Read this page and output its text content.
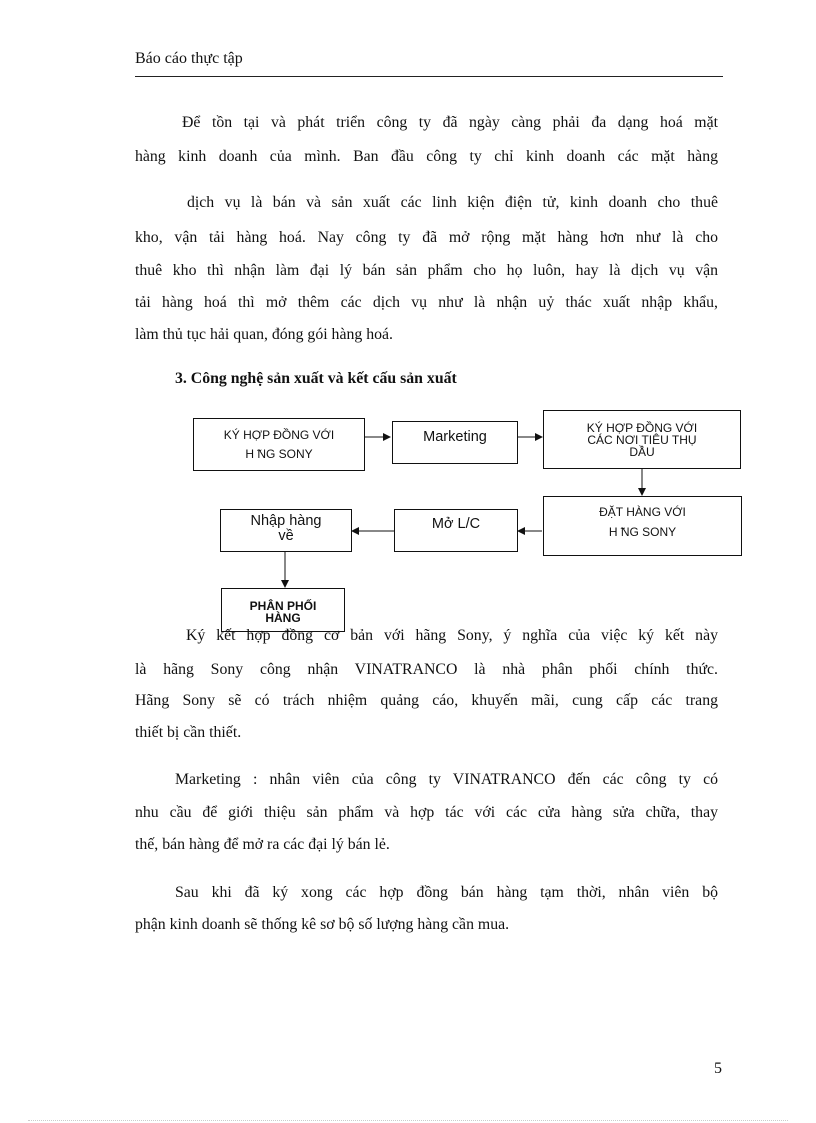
Báo cáo thực tập
Để tồn tại và phát triển công ty đã ngày càng phải đa dạng hoá mặt
hàng kinh doanh của mình. Ban đầu công ty chỉ kinh doanh các mặt hàng
dịch vụ là bán và sản xuất các linh kiện điện tử, kinh doanh cho thuê
kho, vận tải hàng hoá. Nay công ty đã mở rộng mặt hàng hơn như là cho
thuê kho thì nhận làm đại lý bán sản phẩm cho họ luôn, hay là dịch vụ vận
tải hàng hoá thì mở thêm các dịch vụ như là nhận uỷ thác xuất nhập khẩu,
làm thủ tục hải quan, đóng gói hàng hoá.
3. Công nghệ sản xuất và kết cấu sản xuất
KÝ HỢP ĐỒNG VỚI
H ̃NG SONY
Marketing
KÝ HỢP ĐỒNG VỚI
CÁC NƠI TIÊU THỤ
DẦU
ĐẶT HÀNG VỚI
H ̃NG SONY
Mở L/C
Nhập hàng
về
PHÂN PHỐI
HÀNG
Ký kết hợp đồng cơ bản với hãng Sony, ý nghĩa của việc ký kết này
là hãng Sony công nhận VINATRANCO là nhà phân phối chính thức.
Hãng Sony sẽ có trách nhiệm quảng cáo, khuyến mãi, cung cấp các trang
thiết bị cần thiết.
Marketing : nhân viên của công ty VINATRANCO đến các công ty có
nhu cầu để giới thiệu sản phẩm và hợp tác với các cửa hàng sửa chữa, thay
thế, bán hàng để mở ra các đại lý bán lẻ.
Sau khi đã ký xong các hợp đồng bán hàng tạm thời, nhân viên bộ
phận kinh doanh sẽ thống kê sơ bộ số lượng hàng cần mua.
5
